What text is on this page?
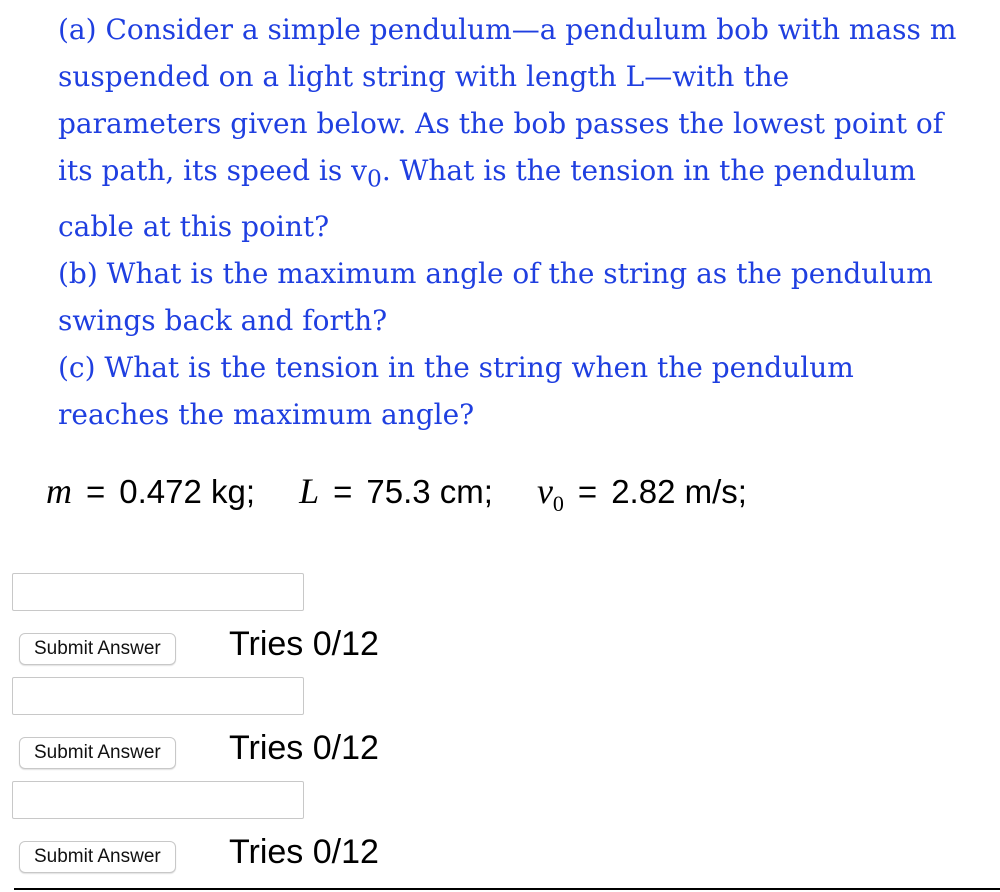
(a) Consider a simple pendulum—a pendulum bob with mass m suspended on a light string with length L—with the parameters given below. As the bob passes the lowest point of its path, its speed is $v_0$. What is the tension in the pendulum cable at this point?

(b) What is the maximum angle of the string as the pendulum swings back and forth?

(c) What is the tension in the string when the pendulum reaches the maximum angle?

m = 0.472 kg; L = 75.3 cm; $v_0 = 2.82$ m/s;
Submit Answer	Tries 0/12
Submit Answer	Tries 0/12
Submit Answer	Tries 0/12
